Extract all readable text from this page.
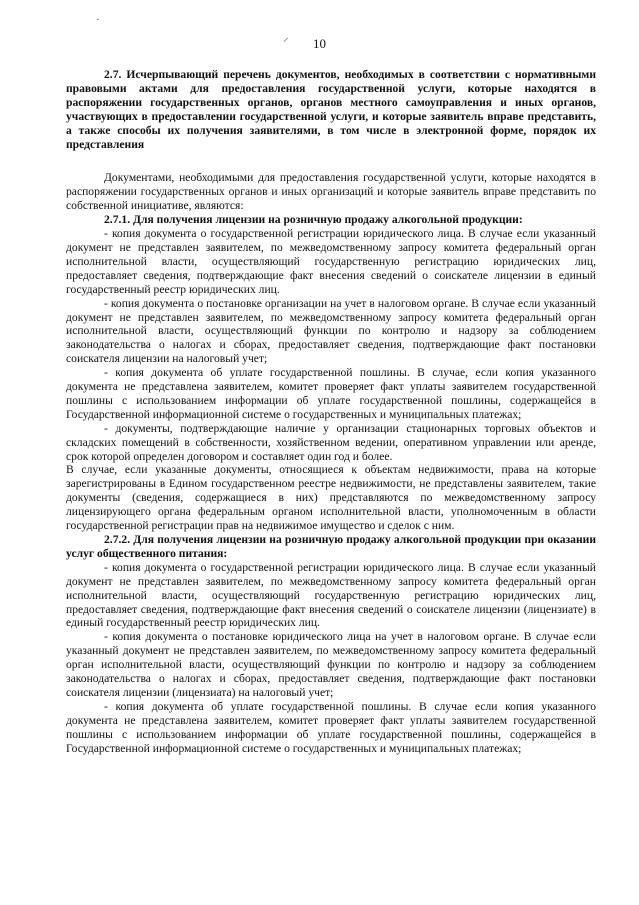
·
⸝	10

2.7. Исчерпывающий перечень документов, необходимых в соответствии с нормативными правовыми актами для предоставления государственной услуги, которые находятся в распоряжении государственных органов, органов местного самоуправления и иных органов, участвующих в предоставлении государственной услуги, и которые заявитель вправе представить, а также способы их получения заявителями, в том числе в электронной форме, порядок их представления

Документами, необходимыми для предоставления государственной услуги, которые находятся в распоряжении государственных органов и иных организаций и которые заявитель вправе представить по собственной инициативе, являются:

2.7.1. Для получения лицензии на розничную продажу алкогольной продукции:

- копия документа о государственной регистрации юридического лица. В случае если указанный документ не представлен заявителем, по межведомственному запросу комитета федеральный орган исполнительной власти, осуществляющий государственную регистрацию юридических лиц, предоставляет сведения, подтверждающие факт внесения сведений о соискателе лицензии в единый государственный реестр юридических лиц.

- копия документа о постановке организации на учет в налоговом органе. В случае если указанный документ не представлен заявителем, по межведомственному запросу комитета федеральный орган исполнительной власти, осуществляющий функции по контролю и надзору за соблюдением законодательства о налогах и сборах, предоставляет сведения, подтверждающие факт постановки соискателя лицензии на налоговый учет;

- копия документа об уплате государственной пошлины. В случае, если копия указанного документа не представлена заявителем, комитет проверяет факт уплаты заявителем государственной пошлины с использованием информации об уплате государственной пошлины, содержащейся в Государственной информационной системе о государственных и муниципальных платежах;

- документы, подтверждающие наличие у организации стационарных торговых объектов и складских помещений в собственности, хозяйственном ведении, оперативном управлении или аренде, срок которой определен договором и составляет один год и более.

В случае, если указанные документы, относящиеся к объектам недвижимости, права на которые зарегистрированы в Едином государственном реестре недвижимости, не представлены заявителем, такие документы (сведения, содержащиеся в них) представляются по межведомственному запросу лицензирующего органа федеральным органом исполнительной власти, уполномоченным в области государственной регистрации прав на недвижимое имущество и сделок с ним.

2.7.2. Для получения лицензии на розничную продажу алкогольной продукции при оказании услуг общественного питания:

- копия документа о государственной регистрации юридического лица. В случае если указанный документ не представлен заявителем, по межведомственному запросу комитета федеральный орган исполнительной власти, осуществляющий государственную регистрацию юридических лиц, предоставляет сведения, подтверждающие факт внесения сведений о соискателе лицензии (лицензиате) в единый государственный реестр юридических лиц.

- копия документа о постановке юридического лица на учет в налоговом органе. В случае если указанный документ не представлен заявителем, по межведомственному запросу комитета федеральный орган исполнительной власти, осуществляющий функции по контролю и надзору за соблюдением законодательства о налогах и сборах, предоставляет сведения, подтверждающие факт постановки соискателя лицензии (лицензиата) на налоговый учет;

- копия документа об уплате государственной пошлины. В случае если копия указанного документа не представлена заявителем, комитет проверяет факт уплаты заявителем государственной пошлины с использованием информации об уплате государственной пошлины, содержащейся в Государственной информационной системе о государственных и муниципальных платежах;
